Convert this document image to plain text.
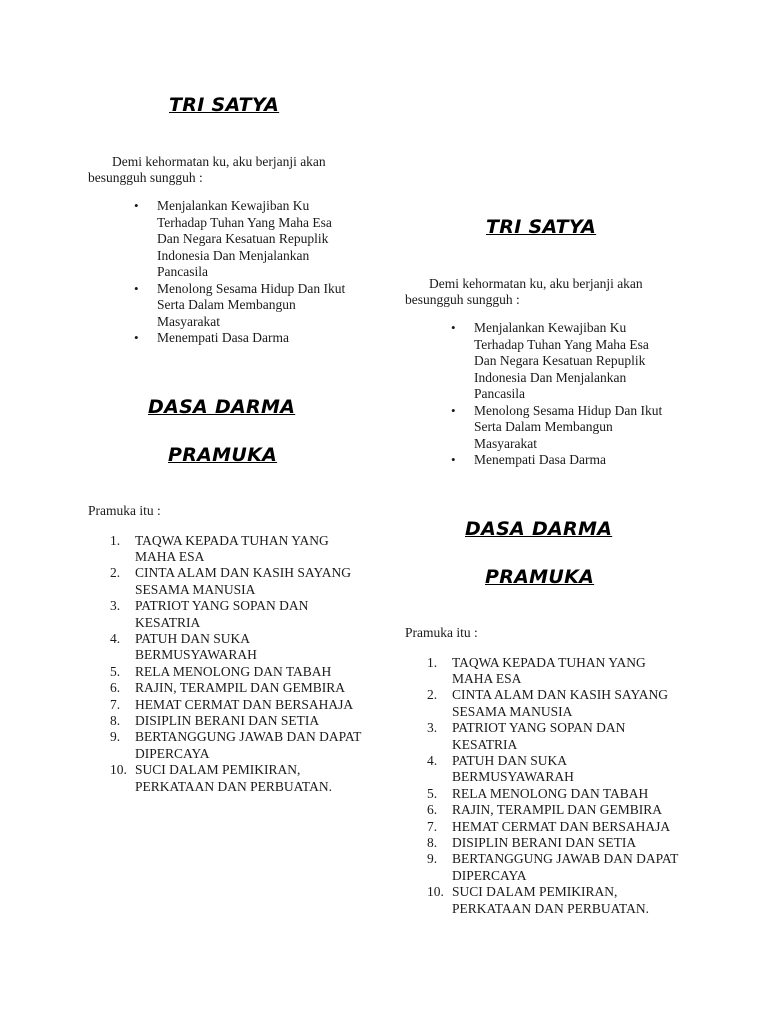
TRI SATYA

Demi kehormatan ku, aku berjanji akan besungguh sungguh :

• Menjalankan Kewajiban Ku Terhadap Tuhan Yang Maha Esa Dan Negara Kesatuan Repuplik Indonesia Dan Menjalankan Pancasila
• Menolong Sesama Hidup Dan Ikut Serta Dalam Membangun Masyarakat
• Menempati Dasa Darma
DASA DARMA
PRAMUKA

Pramuka itu :

1. TAQWA KEPADA TUHAN YANG MAHA ESA
2. CINTA ALAM DAN KASIH SAYANG SESAMA MANUSIA
3. PATRIOT YANG SOPAN DAN KESATRIA
4. PATUH DAN SUKA BERMUSYAWARAH
5. RELA MENOLONG DAN TABAH
6. RAJIN, TERAMPIL DAN GEMBIRA
7. HEMAT CERMAT DAN BERSAHAJA
8. DISIPLIN BERANI DAN SETIA
9. BERTANGGUNG JAWAB DAN DAPAT DIPERCAYA
10. SUCI DALAM PEMIKIRAN, PERKATAAN DAN PERBUATAN.
TRI SATYA

Demi kehormatan ku, aku berjanji akan besungguh sungguh :

• Menjalankan Kewajiban Ku Terhadap Tuhan Yang Maha Esa Dan Negara Kesatuan Repuplik Indonesia Dan Menjalankan Pancasila
• Menolong Sesama Hidup Dan Ikut Serta Dalam Membangun Masyarakat
• Menempati Dasa Darma
DASA DARMA
PRAMUKA

Pramuka itu :

1. TAQWA KEPADA TUHAN YANG MAHA ESA
2. CINTA ALAM DAN KASIH SAYANG SESAMA MANUSIA
3. PATRIOT YANG SOPAN DAN KESATRIA
4. PATUH DAN SUKA BERMUSYAWARAH
5. RELA MENOLONG DAN TABAH
6. RAJIN, TERAMPIL DAN GEMBIRA
7. HEMAT CERMAT DAN BERSAHAJA
8. DISIPLIN BERANI DAN SETIA
9. BERTANGGUNG JAWAB DAN DAPAT DIPERCAYA
10. SUCI DALAM PEMIKIRAN, PERKATAAN DAN PERBUATAN.
